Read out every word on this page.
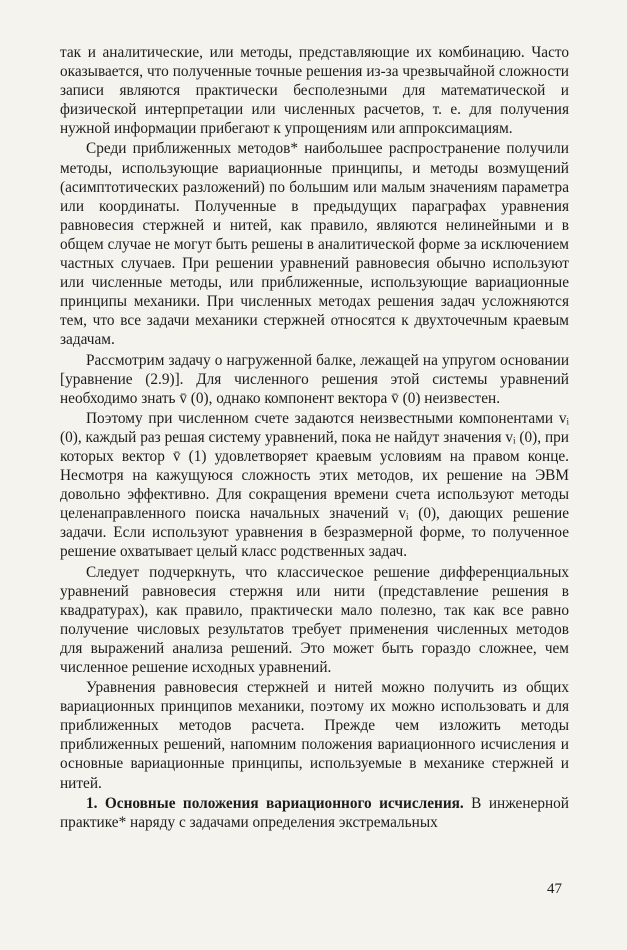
так и аналитические, или методы, представляющие их комбинацию. Часто оказывается, что полученные точные решения из-за чрезвычайной сложности записи являются практически бесполезными для математической и физической интерпретации или численных расчетов, т. е. для получения нужной информации прибегают к упрощениям или аппроксимациям.

Среди приближенных методов* наибольшее распространение получили методы, использующие вариационные принципы, и методы возмущений (асимптотических разложений) по большим или малым значениям параметра или координаты. Полученные в предыдущих параграфах уравнения равновесия стержней и нитей, как правило, являются нелинейными и в общем случае не могут быть решены в аналитической форме за исключением частных случаев. При решении уравнений равновесия обычно используют или численные методы, или приближенные, использующие вариационные принципы механики. При численных методах решения задач усложняются тем, что все задачи механики стержней относятся к двухточечным краевым задачам.

Рассмотрим задачу о нагруженной балке, лежащей на упругом основании [уравнение (2.9)]. Для численного решения этой системы уравнений необходимо знать v̄ (0), однако компонент вектора v̄ (0) неизвестен.

Поэтому при численном счете задаются неизвестными компонентами vᵢ (0), каждый раз решая систему уравнений, пока не найдут значения vᵢ (0), при которых вектор v̄ (1) удовлетворяет краевым условиям на правом конце. Несмотря на кажущуюся сложность этих методов, их решение на ЭВМ довольно эффективно. Для сокращения времени счета используют методы целенаправленного поиска начальных значений vᵢ (0), дающих решение задачи. Если используют уравнения в безразмерной форме, то полученное решение охватывает целый класс родственных задач.

Следует подчеркнуть, что классическое решение дифференциальных уравнений равновесия стержня или нити (представление решения в квадратурах), как правило, практически мало полезно, так как все равно получение числовых результатов требует применения численных методов для выражений анализа решений. Это может быть гораздо сложнее, чем численное решение исходных уравнений.

Уравнения равновесия стержней и нитей можно получить из общих вариационных принципов механики, поэтому их можно использовать и для приближенных методов расчета. Прежде чем изложить методы приближенных решений, напомним положения вариационного исчисления и основные вариационные принципы, используемые в механике стержней и нитей.

1. Основные положения вариационного исчисления. В инженерной практике* наряду с задачами определения экстремальных

47
